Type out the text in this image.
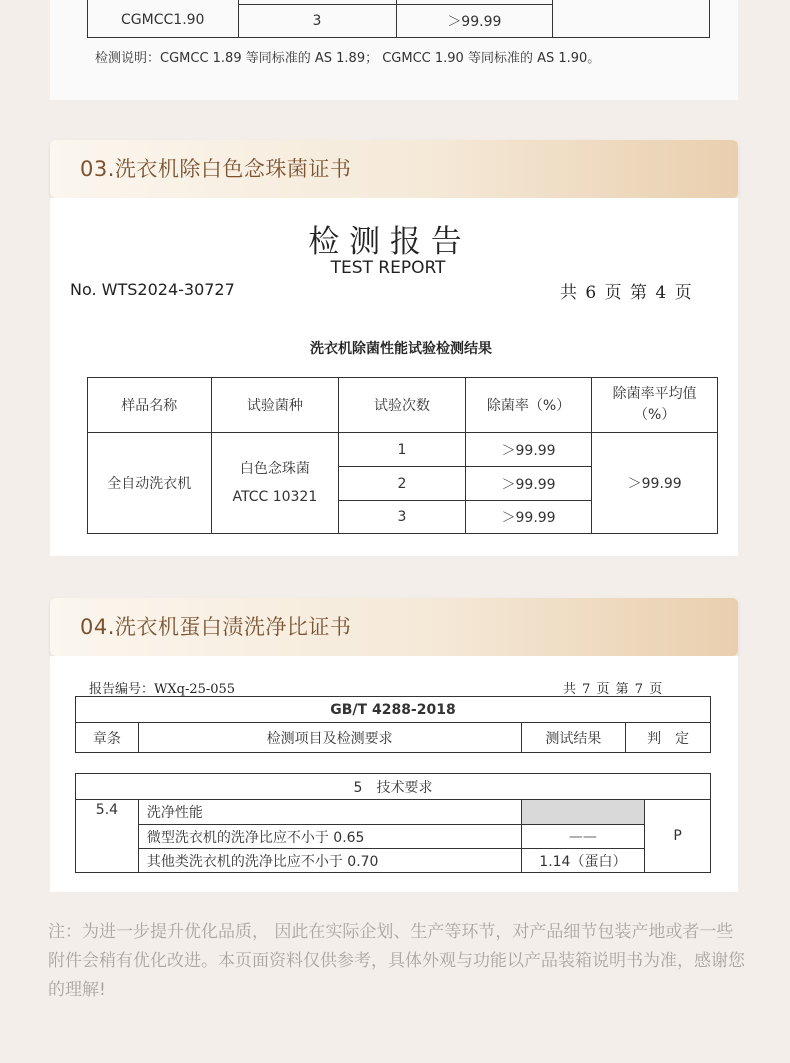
CGMCC1.90			
	3	＞99.99	
检测说明：CGMCC 1.89 等同标准的 AS 1.89； CGMCC 1.90 等同标准的 AS 1.90。
03.洗衣机除白色念珠菌证书
检 测 报 告
TEST REPORT
No. WTS2024-30727	共 6 页 第 4 页
洗衣机除菌性能试验检测结果
样品名称	试验菌种	试验次数	除菌率（%）	除菌率平均值
（%）

全自动洗衣机	白色念珠菌
ATCC 10321	1	＞99.99	＞99.99
		2	＞99.99	
		3	＞99.99	
04.洗衣机蛋白渍洗净比证书
报告编号：WXq-25-055	共 7 页 第 7 页
GB/T 4288-2018
章条	检测项目及检测要求	测试结果	判　定
5　技术要求			
5.4	洗净性能		P
	微型洗衣机的洗净比应不小于 0.65	——	
	其他类洗衣机的洗净比应不小于 0.70	1.14（蛋白）	
注：为进一步提升优化品质， 因此在实际企划、生产等环节，对产品细节包装产地或者一些附件会稍有优化改进。本页面资料仅供参考，具体外观与功能以产品装箱说明书为准，感谢您的理解!
